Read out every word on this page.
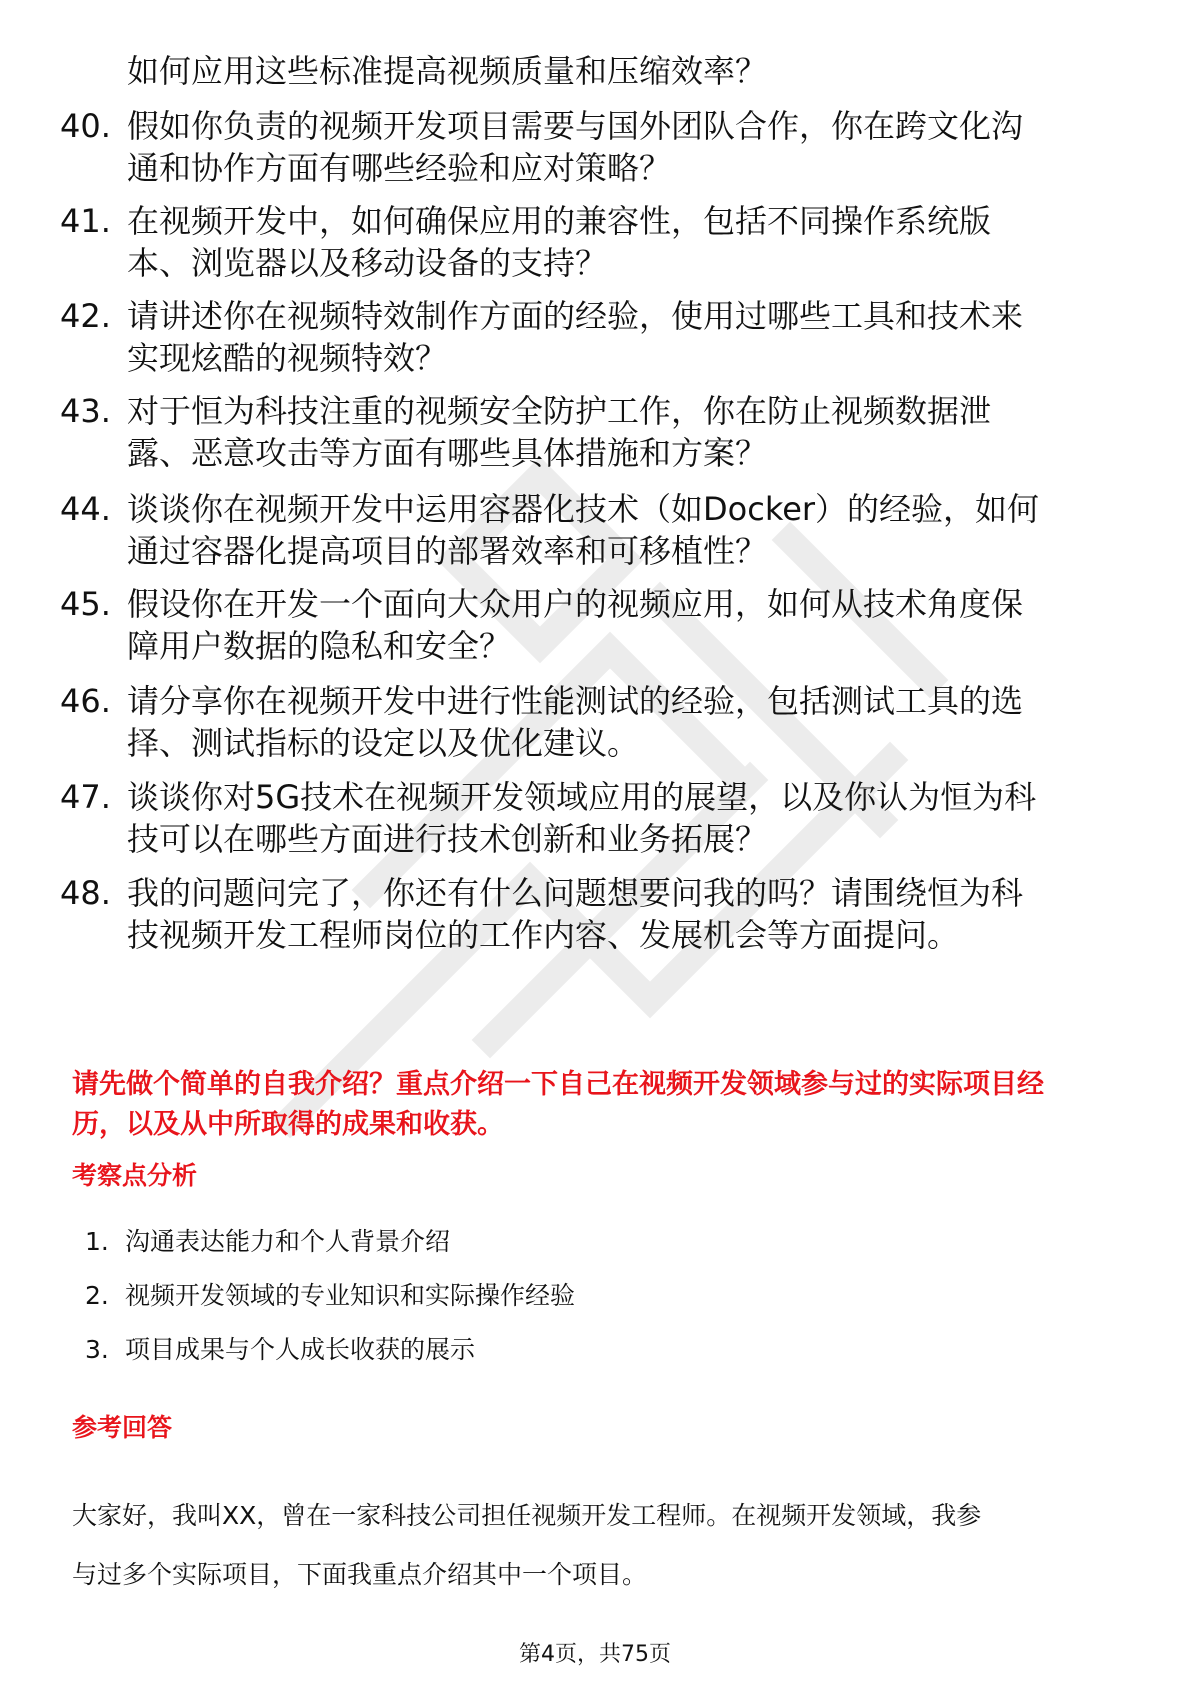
如何应用这些标准提高视频质量和压缩效率？
40. 假如你负责的视频开发项目需要与国外团队合作，你在跨文化沟
通和协作方面有哪些经验和应对策略？
41. 在视频开发中，如何确保应用的兼容性，包括不同操作系统版
本、浏览器以及移动设备的支持？
42. 请讲述你在视频特效制作方面的经验，使用过哪些工具和技术来
实现炫酷的视频特效？
43. 对于恒为科技注重的视频安全防护工作，你在防止视频数据泄
露、恶意攻击等方面有哪些具体措施和方案？
44. 谈谈你在视频开发中运用容器化技术（如Docker）的经验，如何
通过容器化提高项目的部署效率和可移植性？
45. 假设你在开发一个面向大众用户的视频应用，如何从技术角度保
障用户数据的隐私和安全？
46. 请分享你在视频开发中进行性能测试的经验，包括测试工具的选
择、测试指标的设定以及优化建议。
47. 谈谈你对5G技术在视频开发领域应用的展望，以及你认为恒为科
技可以在哪些方面进行技术创新和业务拓展？
48. 我的问题问完了，你还有什么问题想要问我的吗？请围绕恒为科
技视频开发工程师岗位的工作内容、发展机会等方面提问。
请先做个简单的自我介绍？重点介绍一下自己在视频开发领域参与过的实际项目经
历，以及从中所取得的成果和收获。
考察点分析
1. 沟通表达能力和个人背景介绍
2. 视频开发领域的专业知识和实际操作经验
3. 项目成果与个人成长收获的展示
参考回答
大家好，我叫XX，曾在一家科技公司担任视频开发工程师。在视频开发领域，我参
与过多个实际项目，下面我重点介绍其中一个项目。
第4页，共75页
